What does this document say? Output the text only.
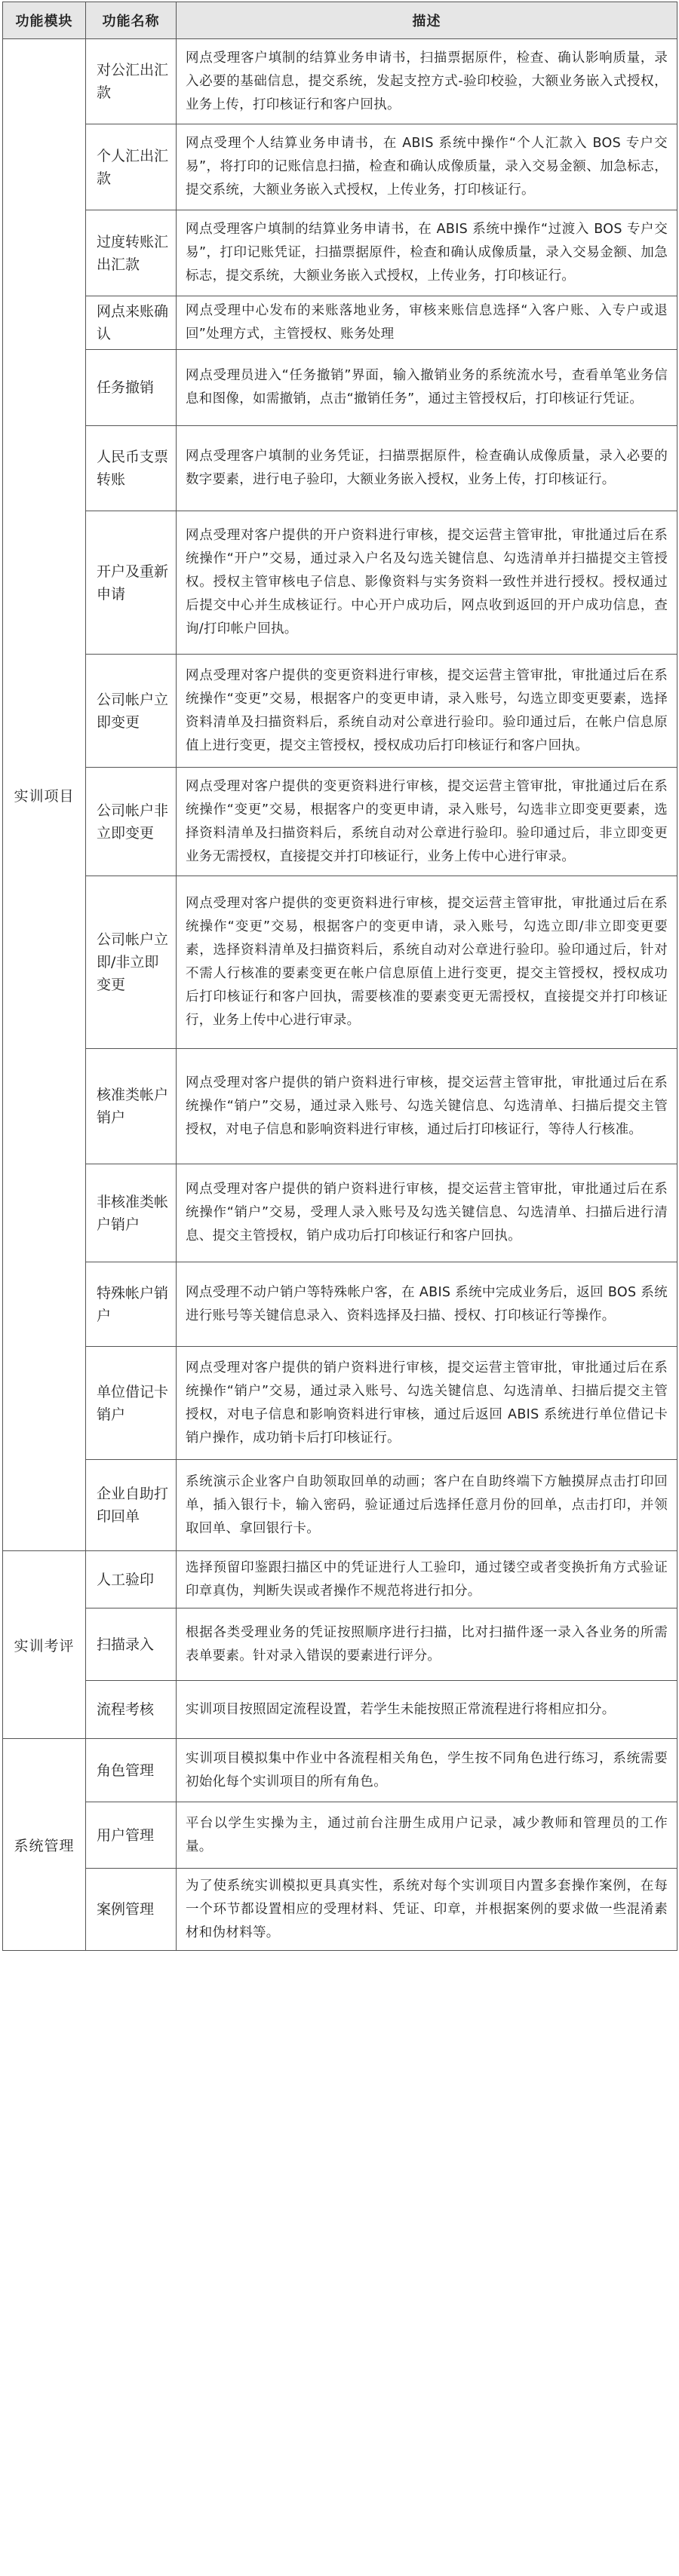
功能模块	功能名称	描述
实训项目	对公汇出汇款	网点受理客户填制的结算业务申请书，扫描票据原件，检查、确认影响质量，录入必要的基础信息，提交系统，发起支控方式-验印校验，大额业务嵌入式授权，业务上传，打印核证行和客户回执。
	个人汇出汇款	网点受理个人结算业务申请书，在 ABIS 系统中操作“个人汇款入 BOS 专户交易”，将打印的记账信息扫描，检查和确认成像质量，录入交易金额、加急标志，提交系统，大额业务嵌入式授权，上传业务，打印核证行。
	过度转账汇出汇款	网点受理客户填制的结算业务申请书，在 ABIS 系统中操作“过渡入 BOS 专户交易”，打印记账凭证，扫描票据原件，检查和确认成像质量，录入交易金额、加急标志，提交系统，大额业务嵌入式授权，上传业务，打印核证行。
	网点来账确认	网点受理中心发布的来账落地业务，审核来账信息选择“入客户账、入专户或退回”处理方式，主管授权、账务处理
	任务撤销	网点受理员进入“任务撤销”界面，输入撤销业务的系统流水号，查看单笔业务信息和图像，如需撤销，点击“撤销任务”，通过主管授权后，打印核证行凭证。
	人民币支票转账	网点受理客户填制的业务凭证，扫描票据原件，检查确认成像质量，录入必要的数字要素，进行电子验印，大额业务嵌入授权，业务上传，打印核证行。
	开户及重新申请	网点受理对客户提供的开户资料进行审核，提交运营主管审批，审批通过后在系统操作“开户”交易，通过录入户名及勾选关键信息、勾选清单并扫描提交主管授权。授权主管审核电子信息、影像资料与实务资料一致性并进行授权。授权通过后提交中心并生成核证行。中心开户成功后，网点收到返回的开户成功信息，查询/打印帐户回执。
	公司帐户立即变更	网点受理对客户提供的变更资料进行审核，提交运营主管审批，审批通过后在系统操作“变更”交易，根据客户的变更申请，录入账号，勾选立即变更要素，选择资料清单及扫描资料后，系统自动对公章进行验印。验印通过后，在帐户信息原值上进行变更，提交主管授权，授权成功后打印核证行和客户回执。
	公司帐户非立即变更	网点受理对客户提供的变更资料进行审核，提交运营主管审批，审批通过后在系统操作“变更”交易，根据客户的变更申请，录入账号，勾选非立即变更要素，选择资料清单及扫描资料后，系统自动对公章进行验印。验印通过后，非立即变更业务无需授权，直接提交并打印核证行，业务上传中心进行审录。
	公司帐户立即/非立即变更	网点受理对客户提供的变更资料进行审核，提交运营主管审批，审批通过后在系统操作“变更”交易，根据客户的变更申请，录入账号，勾选立即/非立即变更要素，选择资料清单及扫描资料后，系统自动对公章进行验印。验印通过后，针对不需人行核准的要素变更在帐户信息原值上进行变更，提交主管授权，授权成功后打印核证行和客户回执，需要核准的要素变更无需授权，直接提交并打印核证行，业务上传中心进行审录。
	核准类帐户销户	网点受理对客户提供的销户资料进行审核，提交运营主管审批，审批通过后在系统操作“销户”交易，通过录入账号、勾选关键信息、勾选清单、扫描后提交主管授权，对电子信息和影响资料进行审核，通过后打印核证行，等待人行核准。
	非核准类帐户销户	网点受理对客户提供的销户资料进行审核，提交运营主管审批，审批通过后在系统操作“销户”交易，受理人录入账号及勾选关键信息、勾选清单、扫描后进行清息、提交主管授权，销户成功后打印核证行和客户回执。
	特殊帐户销户	网点受理不动户销户等特殊帐户客，在 ABIS 系统中完成业务后，返回 BOS 系统进行账号等关键信息录入、资料选择及扫描、授权、打印核证行等操作。
	单位借记卡销户	网点受理对客户提供的销户资料进行审核，提交运营主管审批，审批通过后在系统操作“销户”交易，通过录入账号、勾选关键信息、勾选清单、扫描后提交主管授权，对电子信息和影响资料进行审核，通过后返回 ABIS 系统进行单位借记卡销户操作，成功销卡后打印核证行。
	企业自助打印回单	系统演示企业客户自助领取回单的动画；客户在自助终端下方触摸屏点击打印回单，插入银行卡，输入密码，验证通过后选择任意月份的回单，点击打印，并领取回单、拿回银行卡。
实训考评	人工验印	选择预留印鉴跟扫描区中的凭证进行人工验印，通过镂空或者变换折角方式验证印章真伪，判断失误或者操作不规范将进行扣分。
	扫描录入	根据各类受理业务的凭证按照顺序进行扫描，比对扫描件逐一录入各业务的所需表单要素。针对录入错误的要素进行评分。
	流程考核	实训项目按照固定流程设置，若学生未能按照正常流程进行将相应扣分。
系统管理	角色管理	实训项目模拟集中作业中各流程相关角色，学生按不同角色进行练习，系统需要初始化每个实训项目的所有角色。
	用户管理	平台以学生实操为主，通过前台注册生成用户记录，减少教师和管理员的工作量。
	案例管理	为了使系统实训模拟更具真实性，系统对每个实训项目内置多套操作案例，在每一个环节都设置相应的受理材料、凭证、印章，并根据案例的要求做一些混淆素材和伪材料等。
